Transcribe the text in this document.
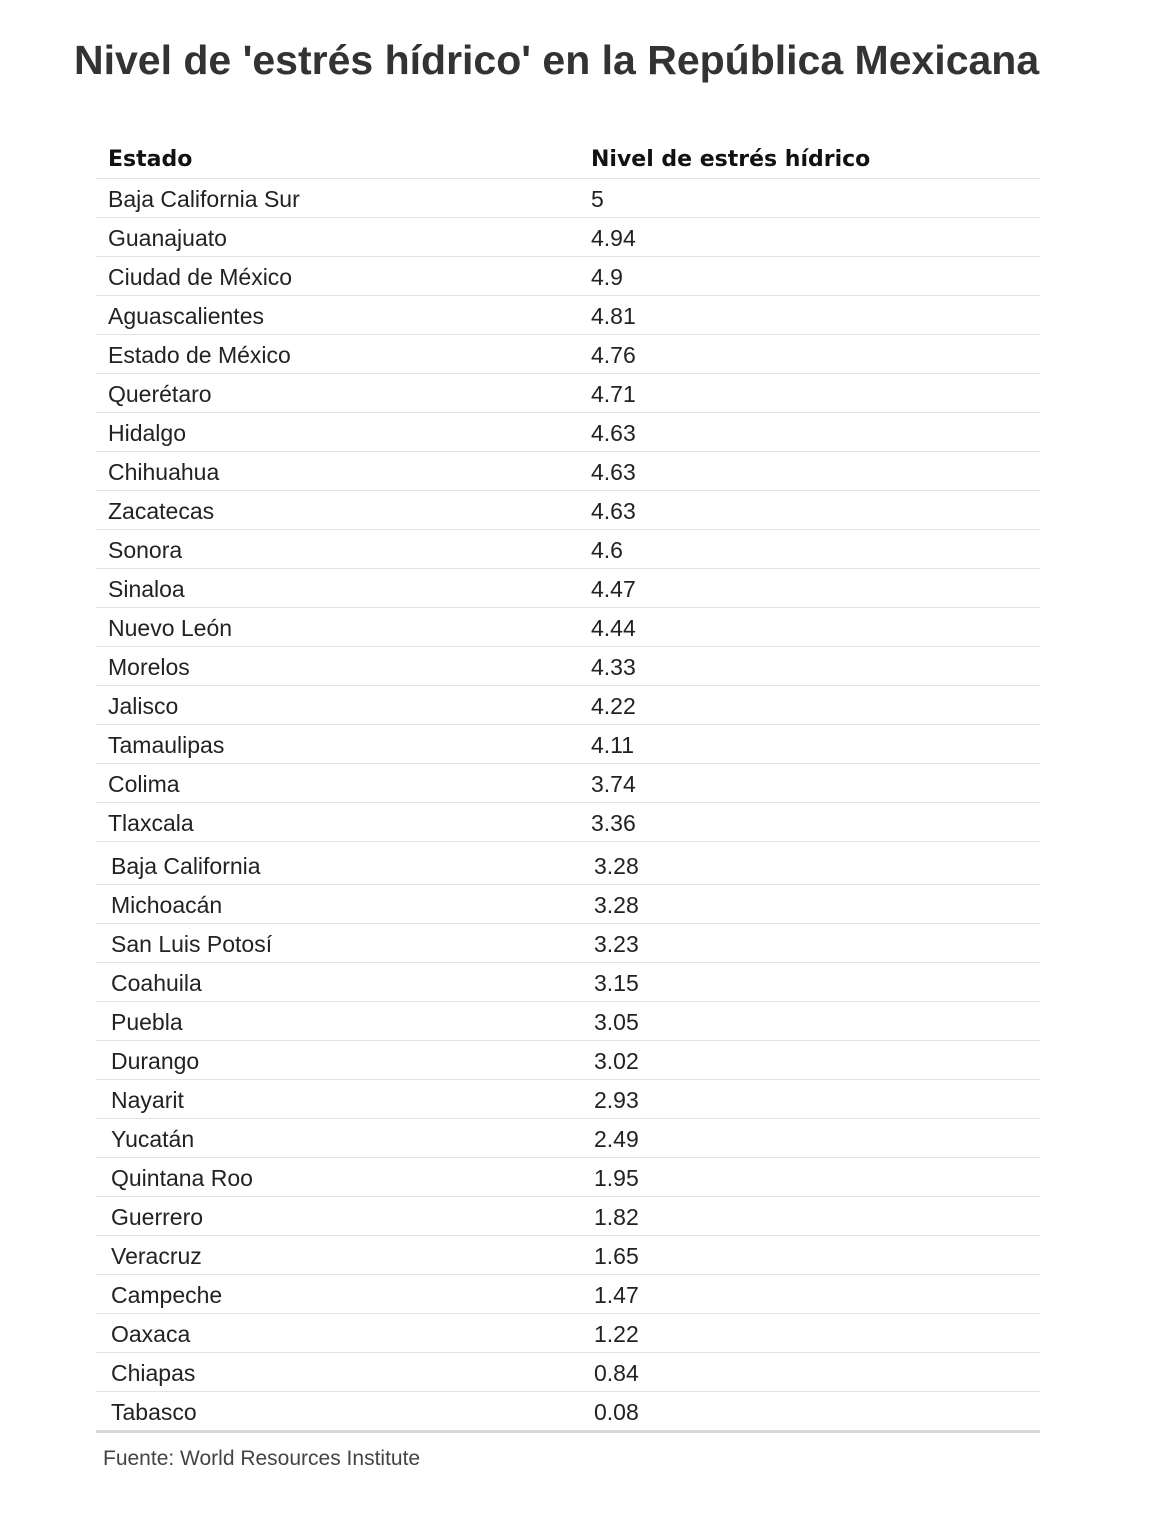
Nivel de 'estrés hídrico' en la República Mexicana
Estado	Nivel de estrés hídrico
Baja California Sur	5
Guanajuato	4.94
Ciudad de México	4.9
Aguascalientes	4.81
Estado de México	4.76
Querétaro	4.71
Hidalgo	4.63
Chihuahua	4.63
Zacatecas	4.63
Sonora	4.6
Sinaloa	4.47
Nuevo León	4.44
Morelos	4.33
Jalisco	4.22
Tamaulipas	4.11
Colima	3.74
Tlaxcala	3.36
Baja California	3.28
Michoacán	3.28
San Luis Potosí	3.23
Coahuila	3.15
Puebla	3.05
Durango	3.02
Nayarit	2.93
Yucatán	2.49
Quintana Roo	1.95
Guerrero	1.82
Veracruz	1.65
Campeche	1.47
Oaxaca	1.22
Chiapas	0.84
Tabasco	0.08
Fuente: World Resources Institute
